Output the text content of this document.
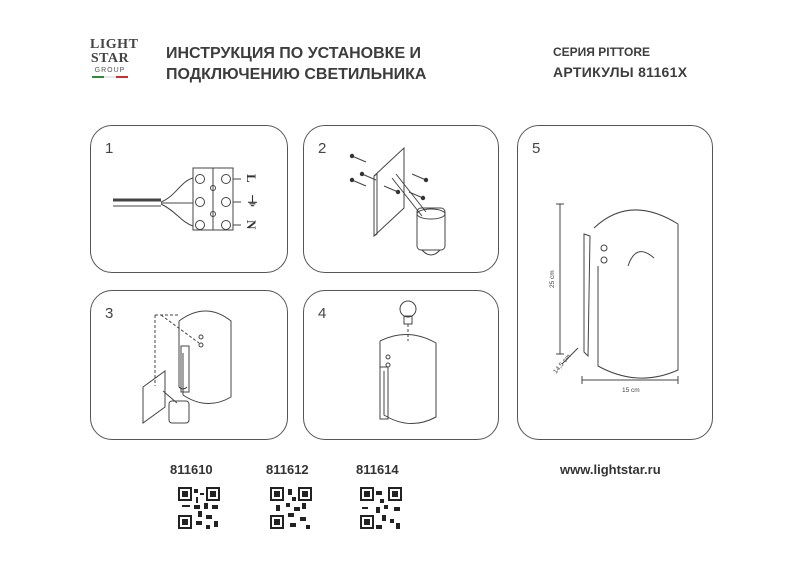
LIGHT
STAR
GROUP
ИНСТРУКЦИЯ ПО УСТАНОВКЕ И
ПОДКЛЮЧЕНИЮ СВЕТИЛЬНИКА
СЕРИЯ PITTORE
АРТИКУЛЫ 81161X
1
L
⏚
N
2
3	4
5
25 cm
14,5 cm
15 cm
811610	811612	811614	www.lightstar.ru
